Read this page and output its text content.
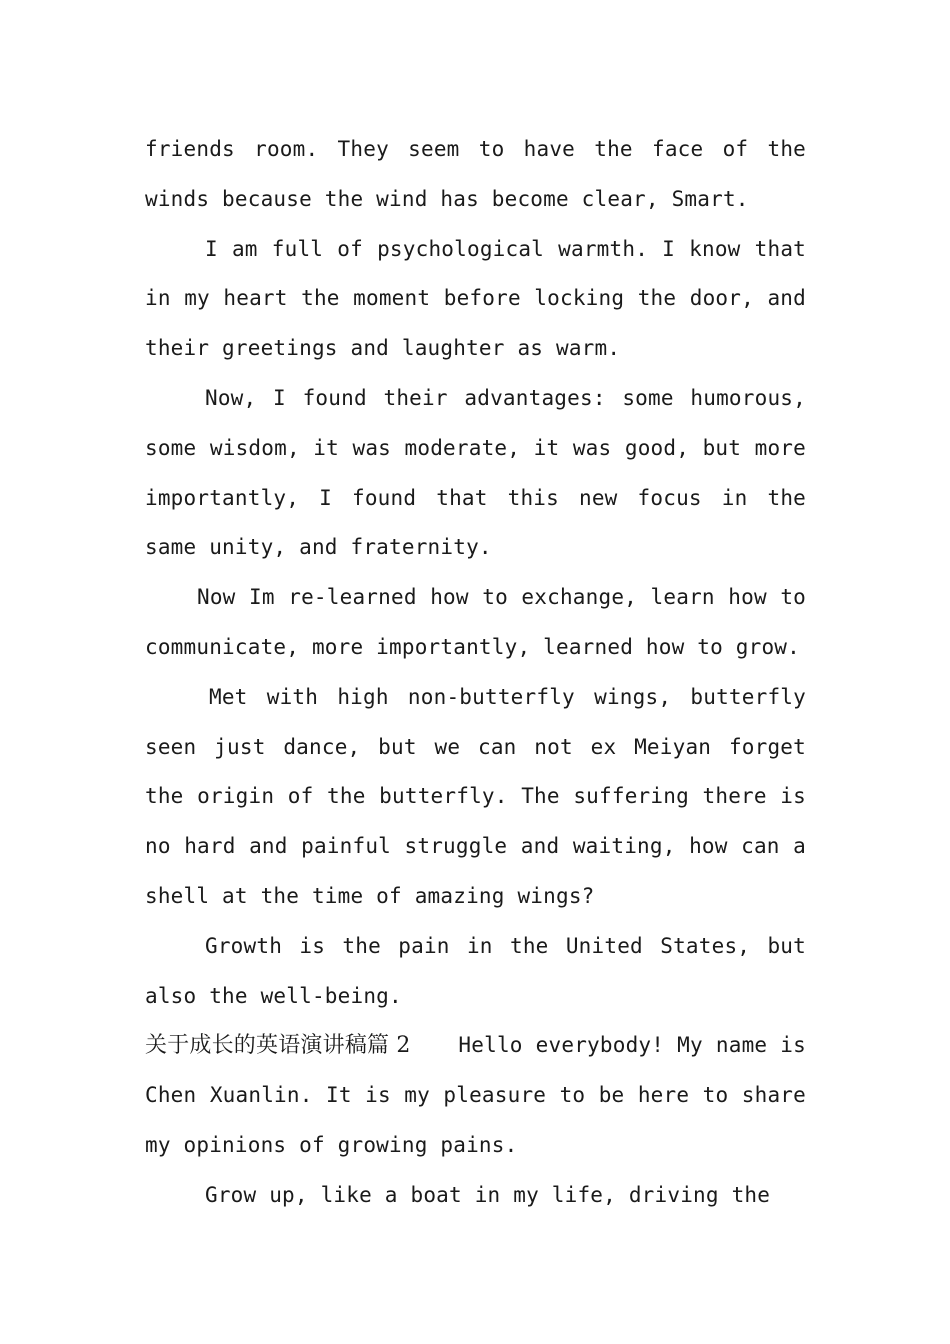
friends room. They seem to have the face of the winds because the wind has become clear, Smart.

I am full of psychological warmth. I know that in my heart the moment before locking the door, and their greetings and laughter as warm.

Now, I found their advantages: some humorous, some wisdom, it was moderate, it was good, but more importantly, I found that this new focus in the same unity, and fraternity.

Now Im re-learned how to exchange, learn how to communicate, more importantly, learned how to grow.

Met with high non-butterfly wings, butterfly seen just dance, but we can not ex Meiyan forget the origin of the butterfly. The suffering there is no hard and painful struggle and waiting, how can a shell at the time of amazing wings?

Growth is the pain in the United States, but also the well-being.

关于成长的英语演讲稿篇 2 Hello everybody! My name is Chen Xuanlin. It is my pleasure to be here to share my opinions of growing pains.

Grow up, like a boat in my life, driving the
